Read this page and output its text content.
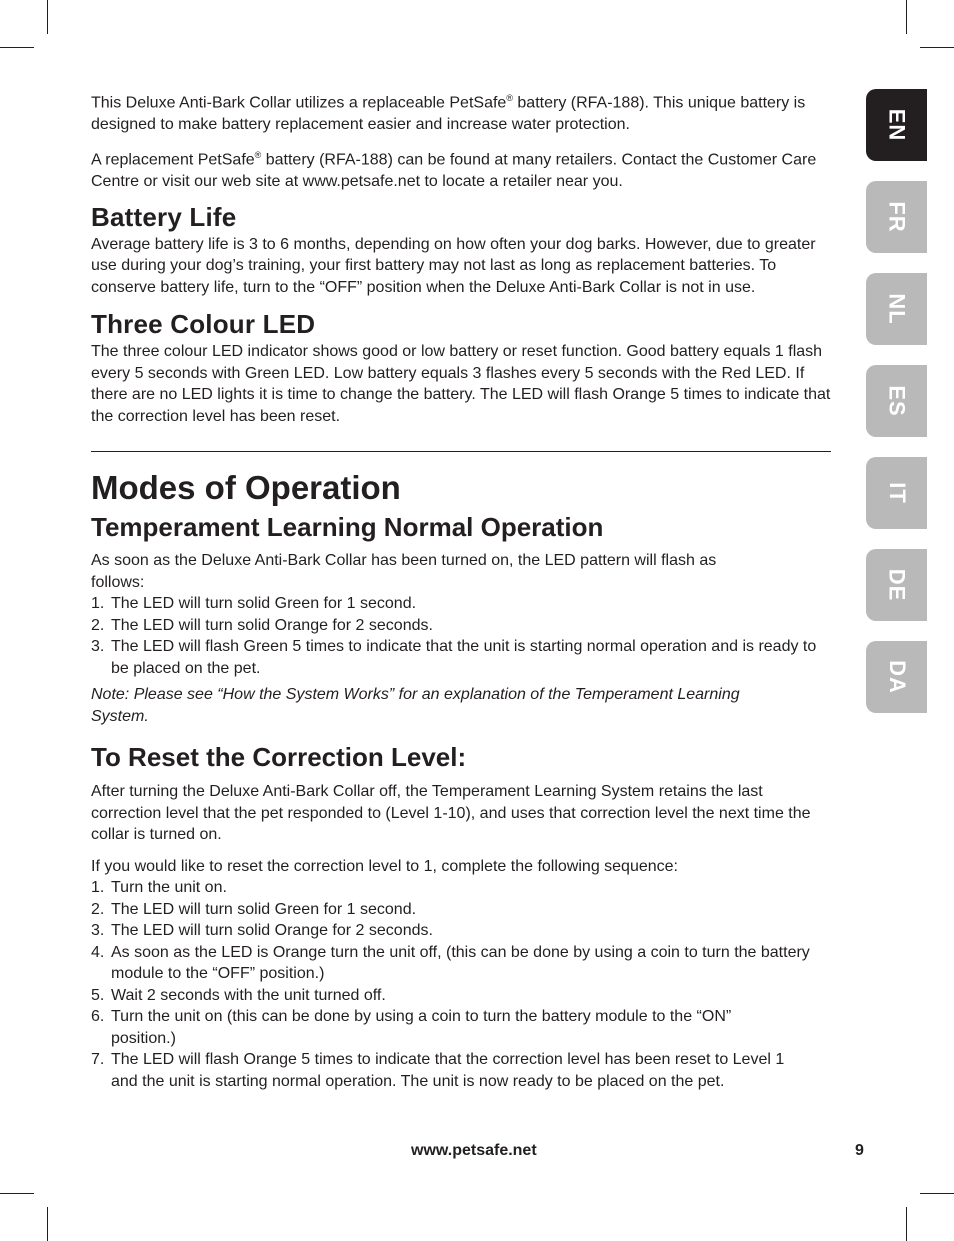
This Deluxe Anti-Bark Collar utilizes a replaceable PetSafe® battery (RFA-188). This unique battery is designed to make battery replacement easier and increase water protection.

A replacement PetSafe® battery (RFA-188) can be found at many retailers. Contact the Customer Care Centre or visit our web site at www.petsafe.net to locate a retailer near you.

Battery Life

Average battery life is 3 to 6 months, depending on how often your dog barks. However, due to greater use during your dog’s training, your first battery may not last as long as replacement batteries. To conserve battery life, turn to the “OFF” position when the Deluxe Anti-Bark Collar is not in use.

Three Colour LED

The three colour LED indicator shows good or low battery or reset function. Good battery equals 1 flash every 5 seconds with Green LED. Low battery equals 3 flashes every 5 seconds with the Red LED. If there are no LED lights it is time to change the battery. The LED will flash Orange 5 times to indicate that the correction level has been reset.

Modes of Operation
Temperament Learning Normal Operation

As soon as the Deluxe Anti-Bark Collar has been turned on, the LED pattern will flash as follows:

1. The LED will turn solid Green for 1 second.
2. The LED will turn solid Orange for 2 seconds.
3. The LED will flash Green 5 times to indicate that the unit is starting normal operation and is ready to be placed on the pet.

Note: Please see “How the System Works” for an explanation of the Temperament Learning System.

To Reset the Correction Level:

After turning the Deluxe Anti-Bark Collar off, the Temperament Learning System retains the last correction level that the pet responded to (Level 1-10), and uses that correction level the next time the collar is turned on.

If you would like to reset the correction level to 1, complete the following sequence:

1. Turn the unit on.
2. The LED will turn solid Green for 1 second.
3. The LED will turn solid Orange for 2 seconds.
4. As soon as the LED is Orange turn the unit off, (this can be done by using a coin to turn the battery module to the “OFF” position.)
5. Wait 2 seconds with the unit turned off.
6. Turn the unit on (this can be done by using a coin to turn the battery module to the “ON” position.)
7. The LED will flash Orange 5 times to indicate that the correction level has been reset to Level 1 and the unit is starting normal operation. The unit is now ready to be placed on the pet.
EN
FR
NL
ES
IT
DE
DA
www.petsafe.net	9
